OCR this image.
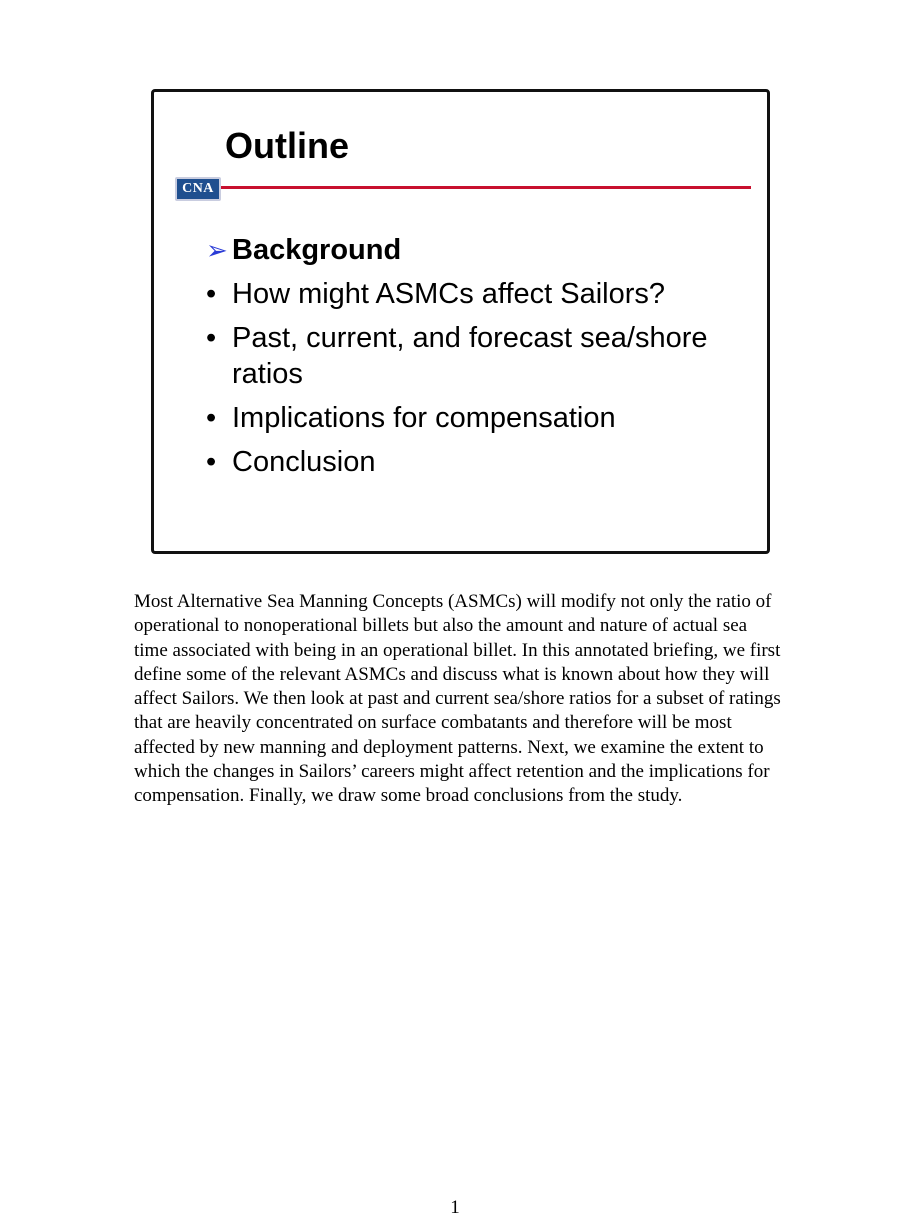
Outline
CNA
➢ Background
• How might ASMCs affect Sailors?
• Past, current, and forecast sea/shore ratios
• Implications for compensation
• Conclusion

Most Alternative Sea Manning Concepts (ASMCs) will modify not only the ratio of operational to nonoperational billets but also the amount and nature of actual sea time associated with being in an operational billet. In this annotated briefing, we first define some of the relevant ASMCs and discuss what is known about how they will affect Sailors. We then look at past and current sea/shore ratios for a subset of ratings that are heavily concentrated on surface combatants and therefore will be most affected by new manning and deployment patterns. Next, we examine the extent to which the changes in Sailors’ careers might affect retention and the implications for compensation. Finally, we draw some broad conclusions from the study.

1
